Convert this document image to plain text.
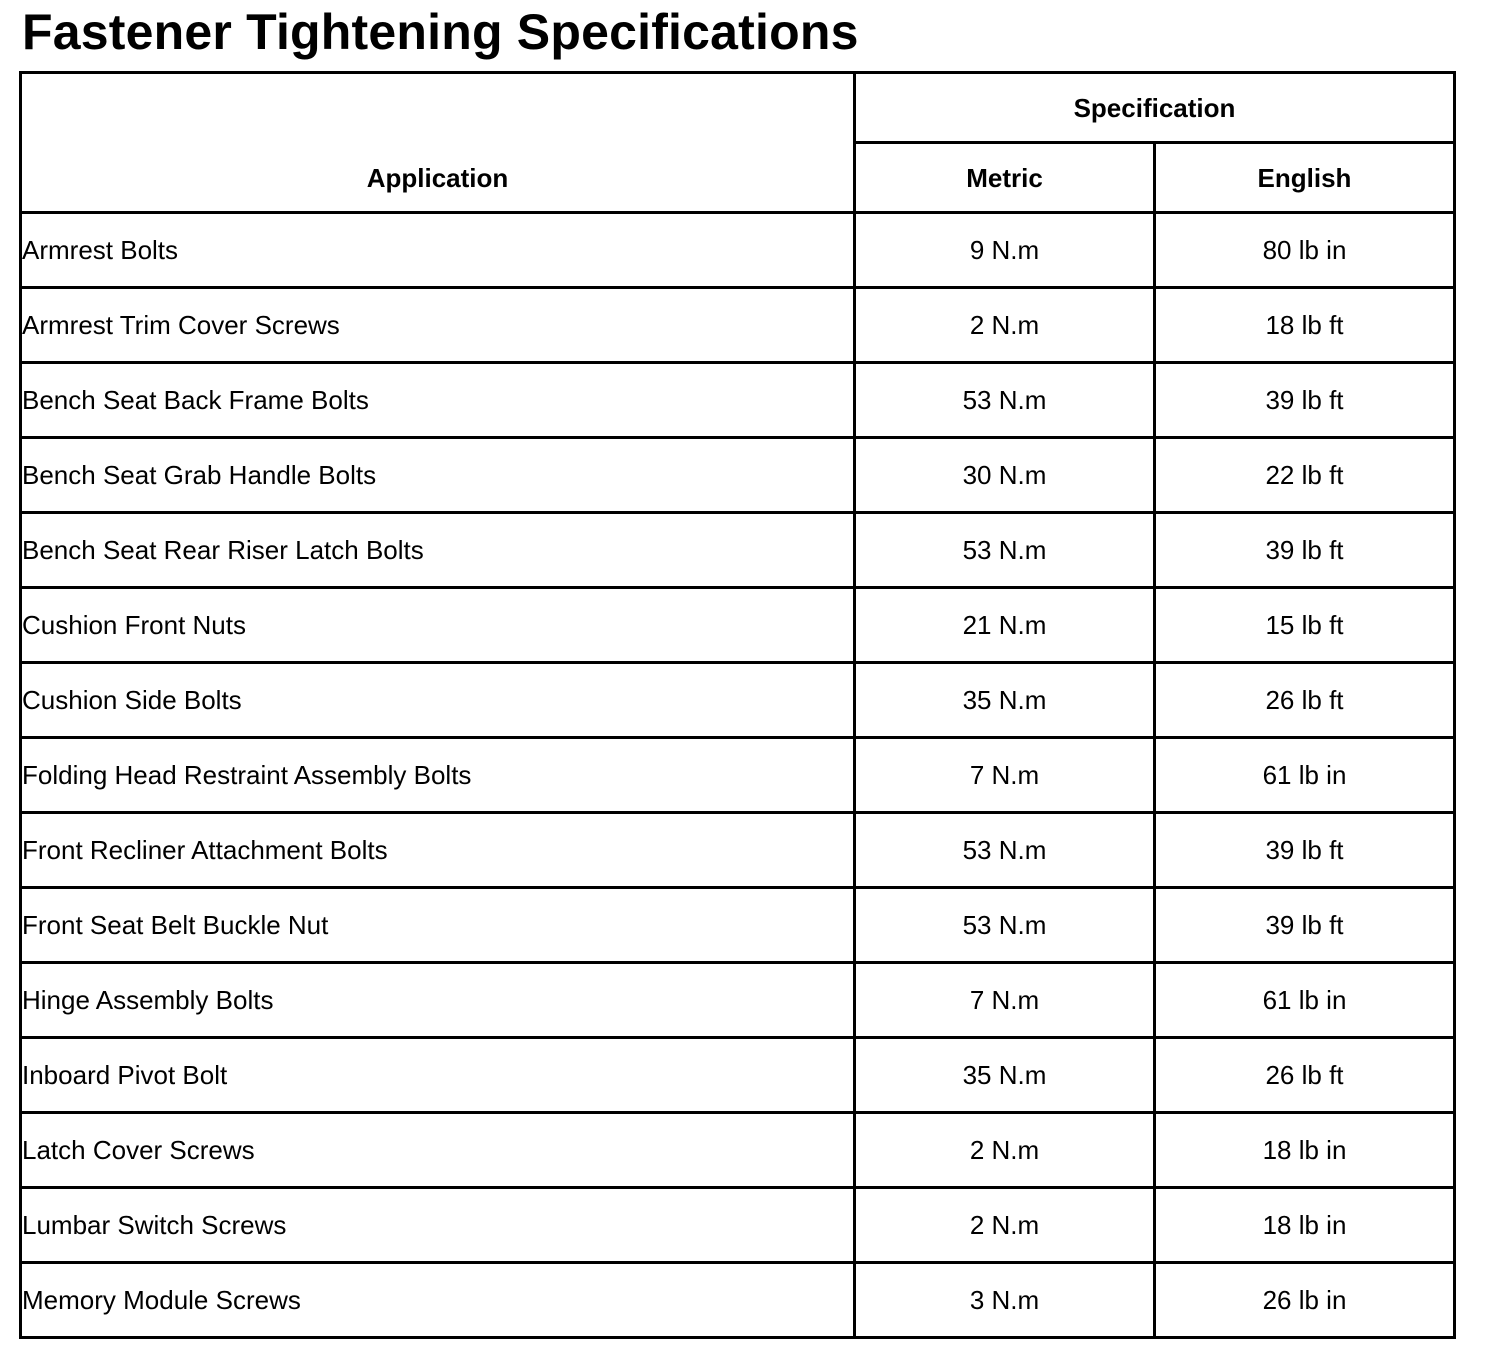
Fastener Tightening Specifications
Application	Specification	
	Metric	English
Armrest Bolts	9 N.m	80 lb in
Armrest Trim Cover Screws	2 N.m	18 lb ft
Bench Seat Back Frame Bolts	53 N.m	39 lb ft
Bench Seat Grab Handle Bolts	30 N.m	22 lb ft
Bench Seat Rear Riser Latch Bolts	53 N.m	39 lb ft
Cushion Front Nuts	21 N.m	15 lb ft
Cushion Side Bolts	35 N.m	26 lb ft
Folding Head Restraint Assembly Bolts	7 N.m	61 lb in
Front Recliner Attachment Bolts	53 N.m	39 lb ft
Front Seat Belt Buckle Nut	53 N.m	39 lb ft
Hinge Assembly Bolts	7 N.m	61 lb in
Inboard Pivot Bolt	35 N.m	26 lb ft
Latch Cover Screws	2 N.m	18 lb in
Lumbar Switch Screws	2 N.m	18 lb in
Memory Module Screws	3 N.m	26 lb in
